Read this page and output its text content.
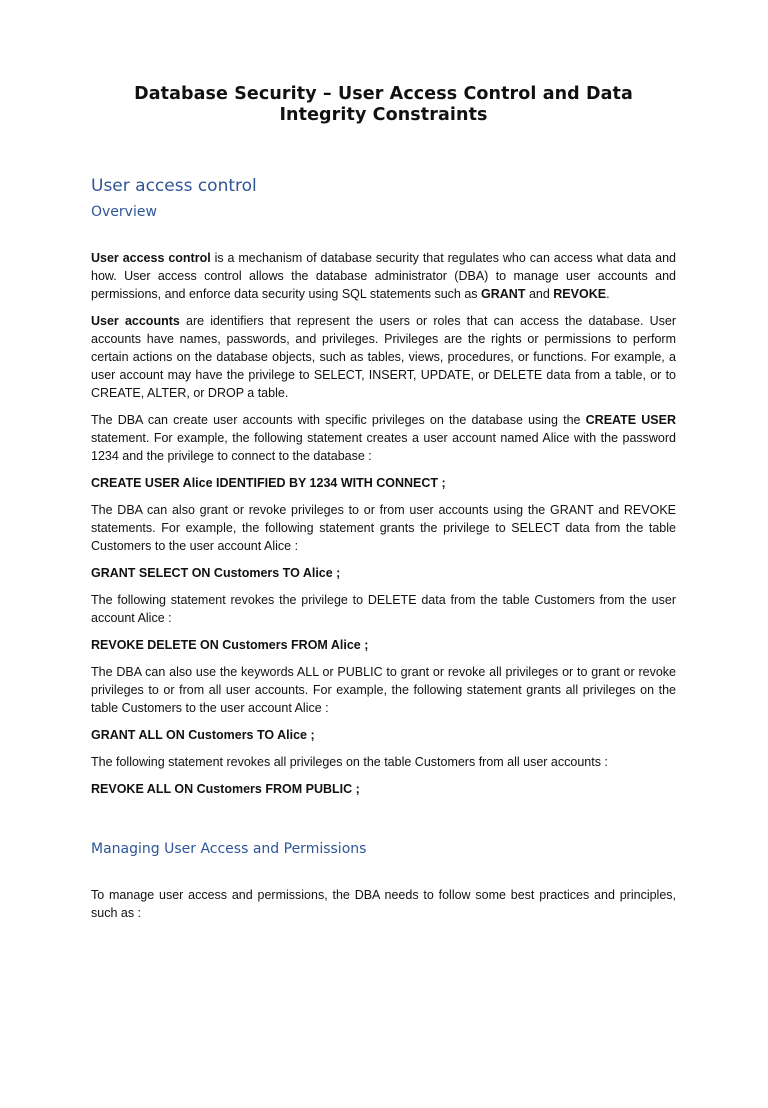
Database Security – User Access Control and Data Integrity Constraints
User access control
Overview

User access control is a mechanism of database security that regulates who can access what data and how. User access control allows the database administrator (DBA) to manage user accounts and permissions, and enforce data security using SQL statements such as GRANT and REVOKE.

User accounts are identifiers that represent the users or roles that can access the database. User accounts have names, passwords, and privileges. Privileges are the rights or permissions to perform certain actions on the database objects, such as tables, views, procedures, or functions. For example, a user account may have the privilege to SELECT, INSERT, UPDATE, or DELETE data from a table, or to CREATE, ALTER, or DROP a table.

The DBA can create user accounts with specific privileges on the database using the CREATE USER statement. For example, the following statement creates a user account named Alice with the password 1234 and the privilege to connect to the database :

CREATE USER Alice IDENTIFIED BY 1234 WITH CONNECT ;

The DBA can also grant or revoke privileges to or from user accounts using the GRANT and REVOKE statements. For example, the following statement grants the privilege to SELECT data from the table Customers to the user account Alice :

GRANT SELECT ON Customers TO Alice ;

The following statement revokes the privilege to DELETE data from the table Customers from the user account Alice :

REVOKE DELETE ON Customers FROM Alice ;

The DBA can also use the keywords ALL or PUBLIC to grant or revoke all privileges or to grant or revoke privileges to or from all user accounts. For example, the following statement grants all privileges on the table Customers to the user account Alice :

GRANT ALL ON Customers TO Alice ;

The following statement revokes all privileges on the table Customers from all user accounts :

REVOKE ALL ON Customers FROM PUBLIC ;

Managing User Access and Permissions

To manage user access and permissions, the DBA needs to follow some best practices and principles, such as :
